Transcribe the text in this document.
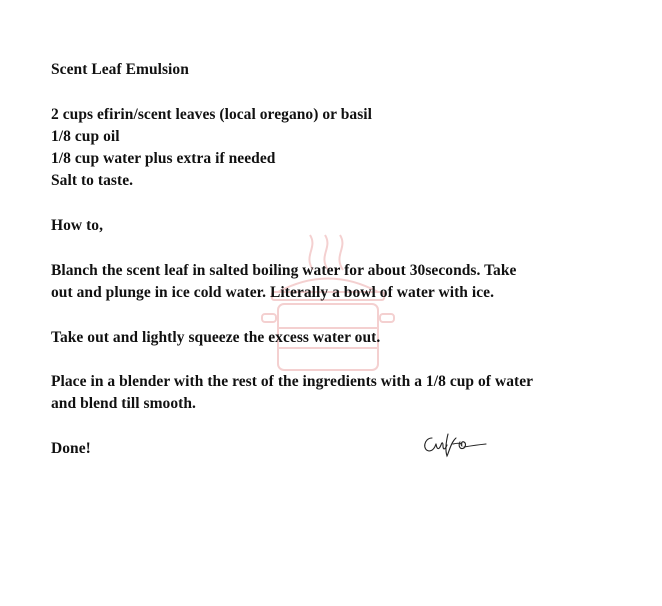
Scent Leaf Emulsion

2 cups efirin/scent leaves (local oregano) or basil

1/8 cup oil

1/8 cup water plus extra if needed

Salt to taste.

How to,

Blanch the scent leaf in salted boiling water for about 30seconds. Take

out and plunge in ice cold water. Literally a bowl of water with ice.

Take out and lightly squeeze the excess water out.

Place in a blender with the rest of the ingredients with a 1/8 cup of water

and blend till smooth.

Done!
